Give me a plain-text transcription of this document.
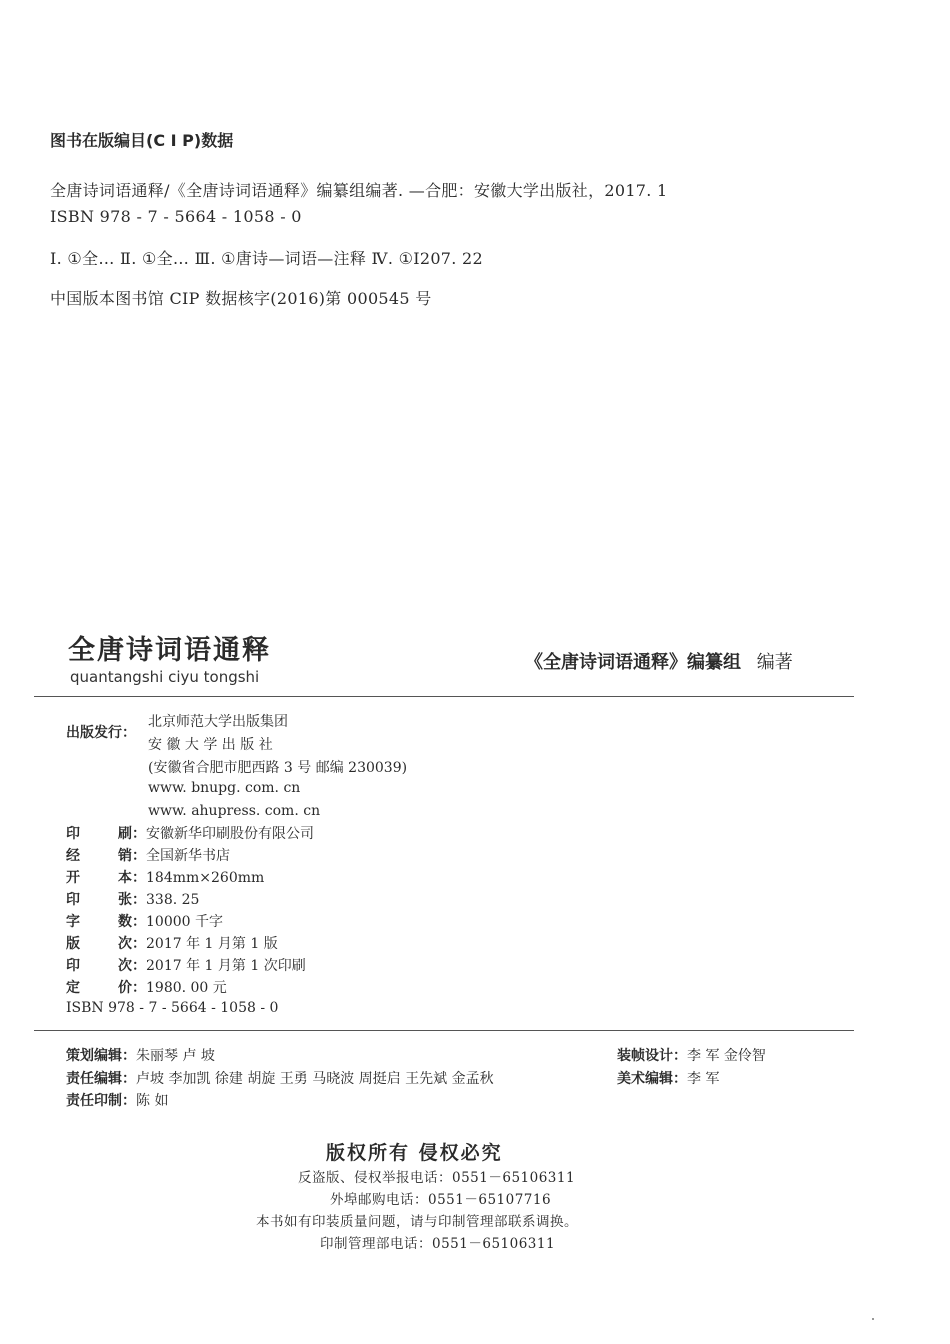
图书在版编目(C I P)数据
全唐诗词语通释/《全唐诗词语通释》编纂组编著. —合肥：安徽大学出版社，2017. 1
ISBN 978 - 7 - 5664 - 1058 - 0
Ⅰ. ①全… Ⅱ. ①全… Ⅲ. ①唐诗—词语—注释 Ⅳ. ①I207. 22
中国版本图书馆 CIP 数据核字(2016)第 000545 号
全唐诗词语通释
quantangshi ciyu tongshi
《全唐诗词语通释》编纂组 编著
出版发行：
北京师范大学出版集团
安 徽 大 学 出 版 社
(安徽省合肥市肥西路 3 号 邮编 230039)
www. bnupg. com. cn
www. ahupress. com. cn
印	刷：安徽新华印刷股份有限公司
经	销：全国新华书店
开	本：184mm×260mm
印	张：338. 25
字	数：10000 千字
版	次：2017 年 1 月第 1 版
印	次：2017 年 1 月第 1 次印刷
定	价：1980. 00 元
ISBN 978 - 7 - 5664 - 1058 - 0
策划编辑：朱丽琴 卢 坡
责任编辑：卢坡 李加凯 徐建 胡旋 王勇 马晓波 周挺启 王先斌 金孟秋
责任印制：陈 如
装帧设计：李 军 金伶智
美术编辑：李 军
版权所有 侵权必究
反盗版、侵权举报电话：0551－65106311
外埠邮购电话：0551－65107716
本书如有印装质量问题，请与印制管理部联系调换。
印制管理部电话：0551－65106311
